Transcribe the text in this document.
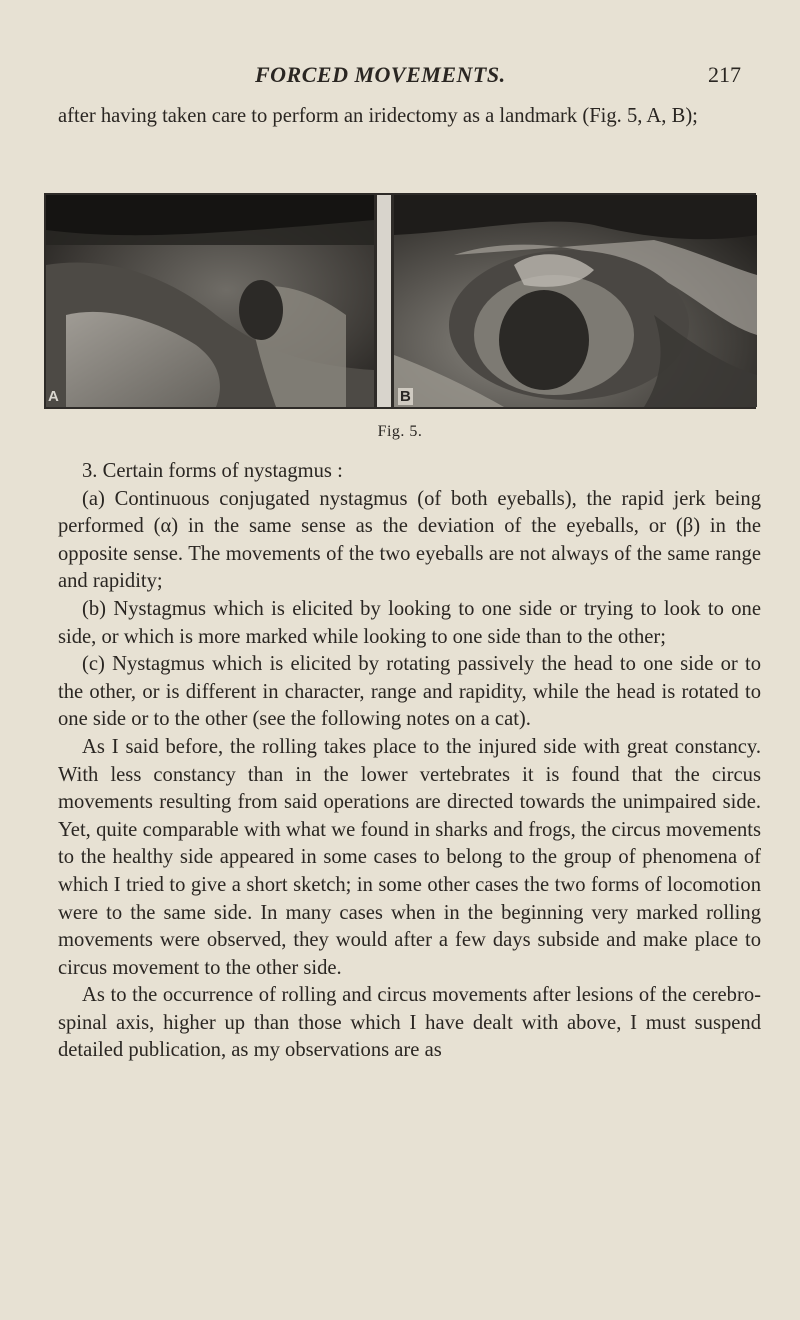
FORCED MOVEMENTS.	217

after having taken care to perform an iridectomy as a landmark (Fig. 5, A, B);

A	B
Fig. 5.

3. Certain forms of nystagmus :

(a) Continuous conjugated nystagmus (of both eyeballs), the rapid jerk being performed (α) in the same sense as the deviation of the eyeballs, or (β) in the opposite sense. The movements of the two eyeballs are not always of the same range and rapidity;

(b) Nystagmus which is elicited by looking to one side or trying to look to one side, or which is more marked while looking to one side than to the other;

(c) Nystagmus which is elicited by rotating passively the head to one side or to the other, or is different in character, range and rapidity, while the head is rotated to one side or to the other (see the following notes on a cat).

As I said before, the rolling takes place to the injured side with great constancy. With less constancy than in the lower vertebrates it is found that the circus movements resulting from said operations are directed towards the unimpaired side. Yet, quite comparable with what we found in sharks and frogs, the circus movements to the healthy side appeared in some cases to belong to the group of phenomena of which I tried to give a short sketch; in some other cases the two forms of locomotion were to the same side. In many cases when in the beginning very marked rolling movements were observed, they would after a few days subside and make place to circus movement to the other side.

As to the occurrence of rolling and circus movements after lesions of the cerebro-spinal axis, higher up than those which I have dealt with above, I must suspend detailed publication, as my observations are as
